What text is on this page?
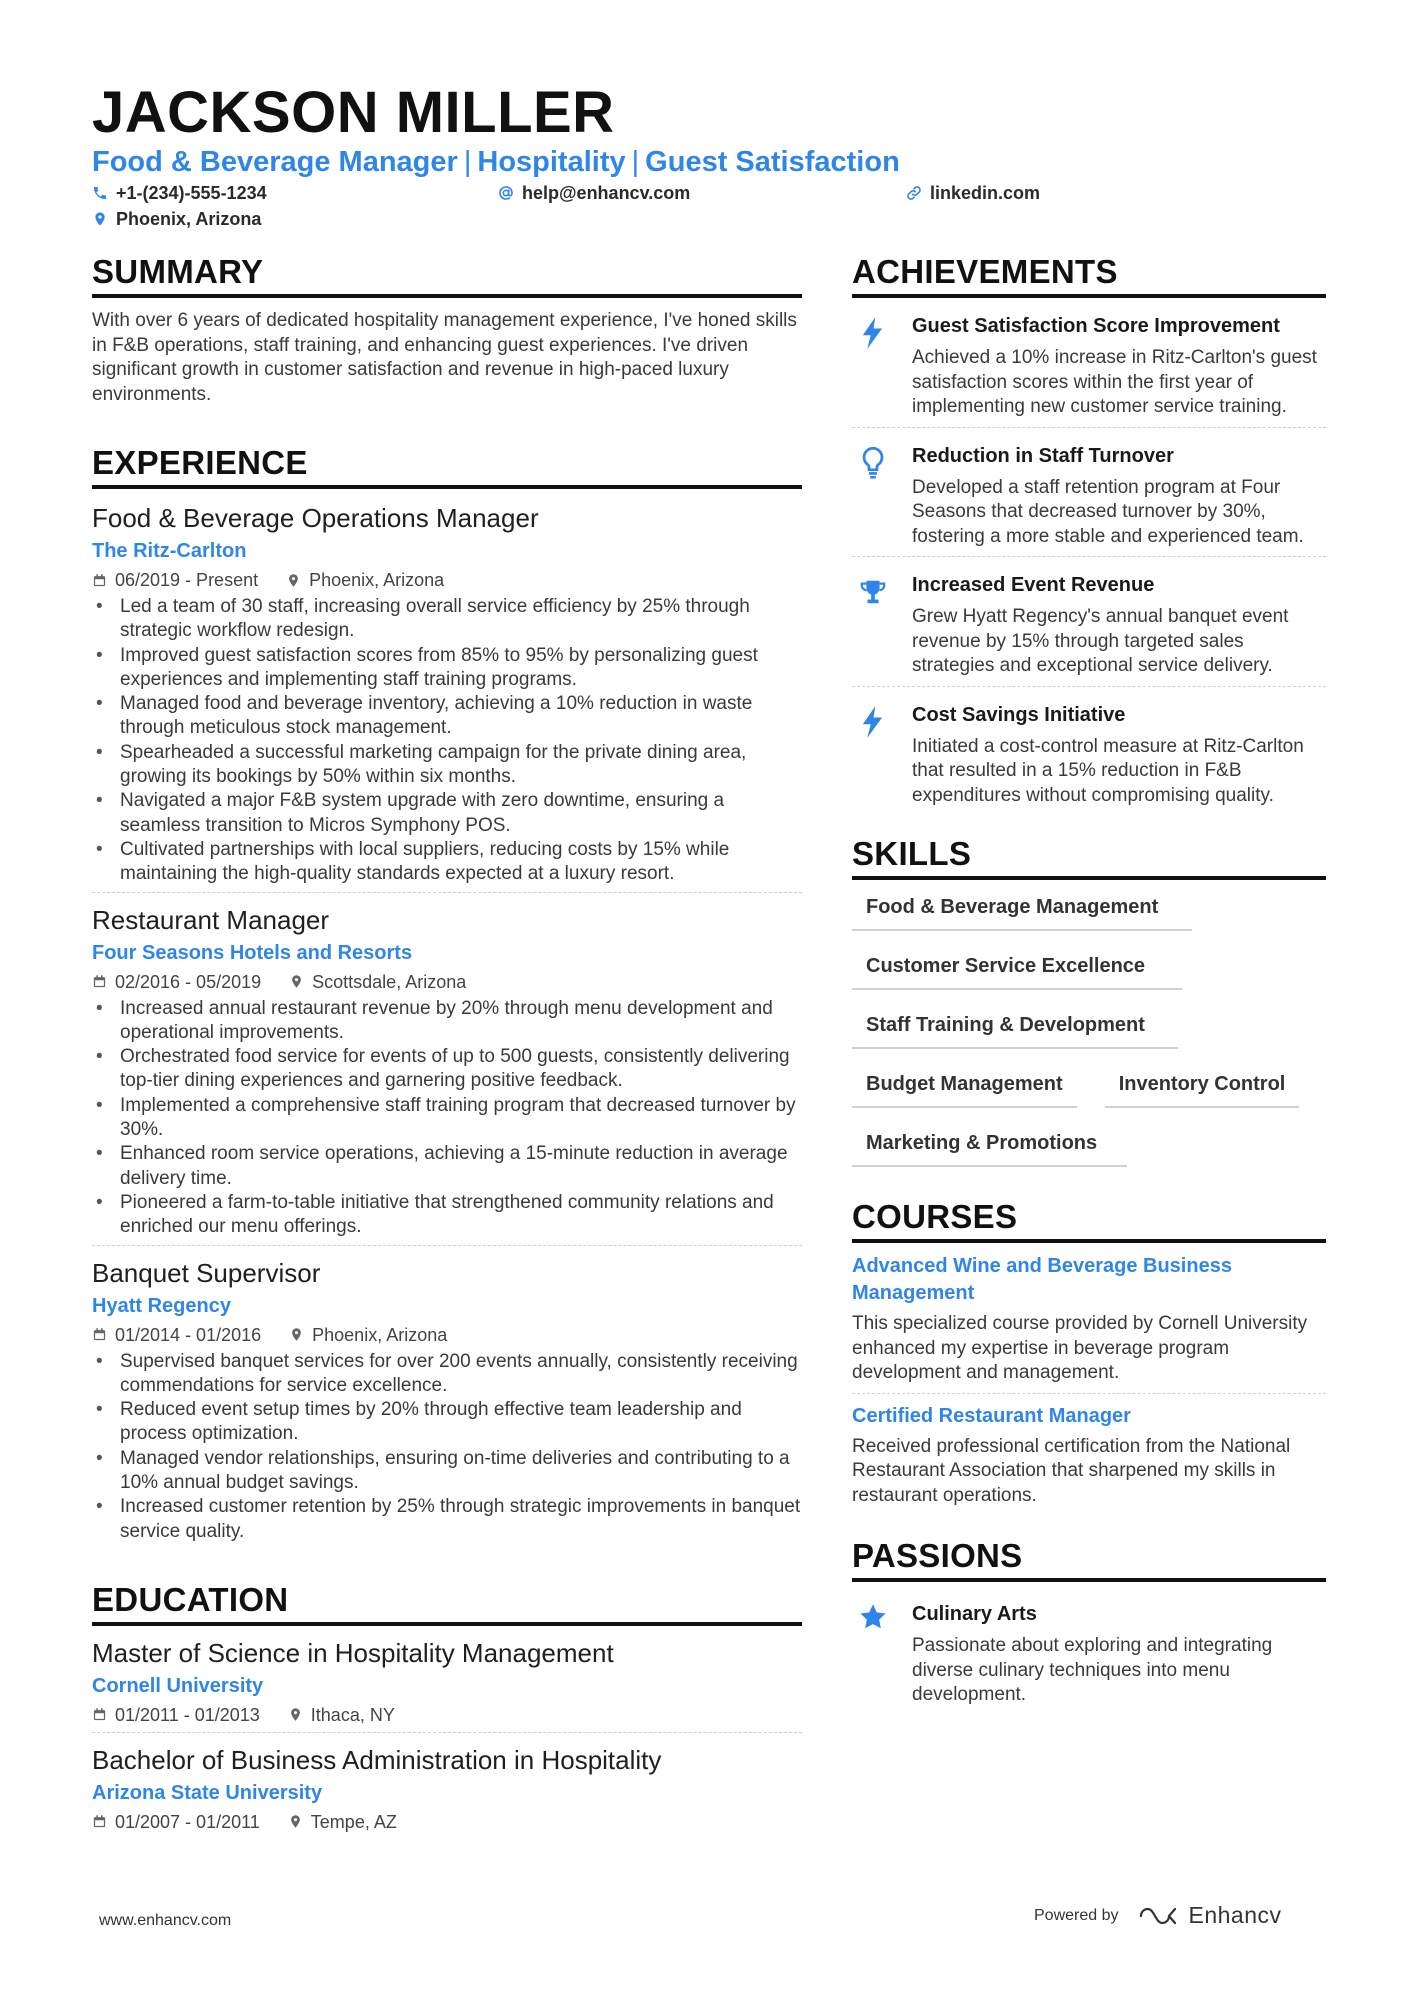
JACKSON MILLER
Food & Beverage Manager | Hospitality | Guest Satisfaction
+1-(234)-555-1234	help@enhancv.com	linkedin.com
Phoenix, Arizona
SUMMARY
With over 6 years of dedicated hospitality management experience, I've honed skills in F&B operations, staff training, and enhancing guest experiences. I've driven significant growth in customer satisfaction and revenue in high-paced luxury environments.
EXPERIENCE
Food & Beverage Operations Manager
The Ritz-Carlton
06/2019 - Present	Phoenix, Arizona
• Led a team of 30 staff, increasing overall service efficiency by 25% through strategic workflow redesign.
• Improved guest satisfaction scores from 85% to 95% by personalizing guest experiences and implementing staff training programs.
• Managed food and beverage inventory, achieving a 10% reduction in waste through meticulous stock management.
• Spearheaded a successful marketing campaign for the private dining area, growing its bookings by 50% within six months.
• Navigated a major F&B system upgrade with zero downtime, ensuring a seamless transition to Micros Symphony POS.
• Cultivated partnerships with local suppliers, reducing costs by 15% while maintaining the high-quality standards expected at a luxury resort.
Restaurant Manager
Four Seasons Hotels and Resorts
02/2016 - 05/2019	Scottsdale, Arizona
• Increased annual restaurant revenue by 20% through menu development and operational improvements.
• Orchestrated food service for events of up to 500 guests, consistently delivering top-tier dining experiences and garnering positive feedback.
• Implemented a comprehensive staff training program that decreased turnover by 30%.
• Enhanced room service operations, achieving a 15-minute reduction in average delivery time.
• Pioneered a farm-to-table initiative that strengthened community relations and enriched our menu offerings.
Banquet Supervisor
Hyatt Regency
01/2014 - 01/2016	Phoenix, Arizona
• Supervised banquet services for over 200 events annually, consistently receiving commendations for service excellence.
• Reduced event setup times by 20% through effective team leadership and process optimization.
• Managed vendor relationships, ensuring on-time deliveries and contributing to a 10% annual budget savings.
• Increased customer retention by 25% through strategic improvements in banquet service quality.
EDUCATION
Master of Science in Hospitality Management
Cornell University
01/2011 - 01/2013	Ithaca, NY
Bachelor of Business Administration in Hospitality
Arizona State University
01/2007 - 01/2011	Tempe, AZ
ACHIEVEMENTS
Guest Satisfaction Score Improvement
Achieved a 10% increase in Ritz-Carlton's guest satisfaction scores within the first year of implementing new customer service training.
Reduction in Staff Turnover
Developed a staff retention program at Four Seasons that decreased turnover by 30%, fostering a more stable and experienced team.
Increased Event Revenue
Grew Hyatt Regency's annual banquet event revenue by 15% through targeted sales strategies and exceptional service delivery.
Cost Savings Initiative
Initiated a cost-control measure at Ritz-Carlton that resulted in a 15% reduction in F&B expenditures without compromising quality.
SKILLS
Food & Beverage Management
Customer Service Excellence
Staff Training & Development
Budget Management	Inventory Control
Marketing & Promotions
COURSES
Advanced Wine and Beverage Business Management
This specialized course provided by Cornell University enhanced my expertise in beverage program development and management.
Certified Restaurant Manager
Received professional certification from the National Restaurant Association that sharpened my skills in restaurant operations.
PASSIONS
Culinary Arts
Passionate about exploring and integrating diverse culinary techniques into menu development.
www.enhancv.com	Powered by	Enhancv
